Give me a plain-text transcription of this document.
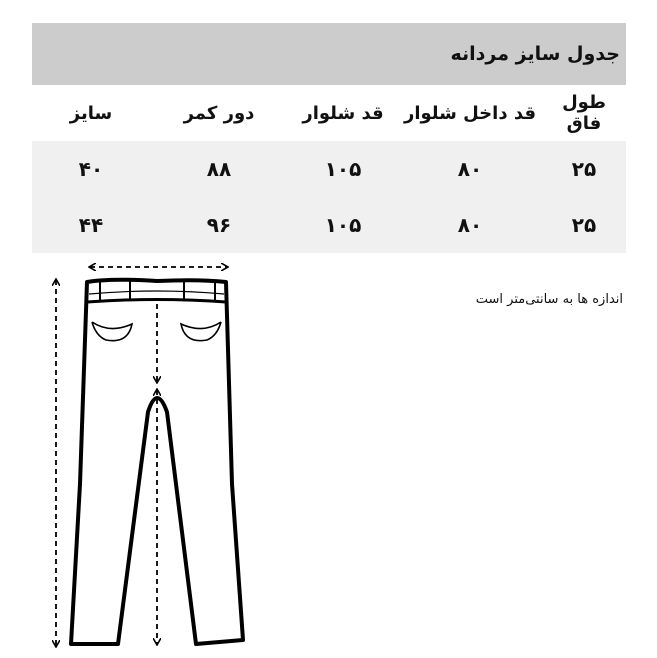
جدول سایز مردانه
طول فاق	قد داخل شلوار	قد شلوار	دور کمر	سایز
۲۵	۸۰	۱۰۵	۸۸	۴۰
۲۵	۸۰	۱۰۵	۹۶	۴۴
اندازه ها به سانتی‌متر است
